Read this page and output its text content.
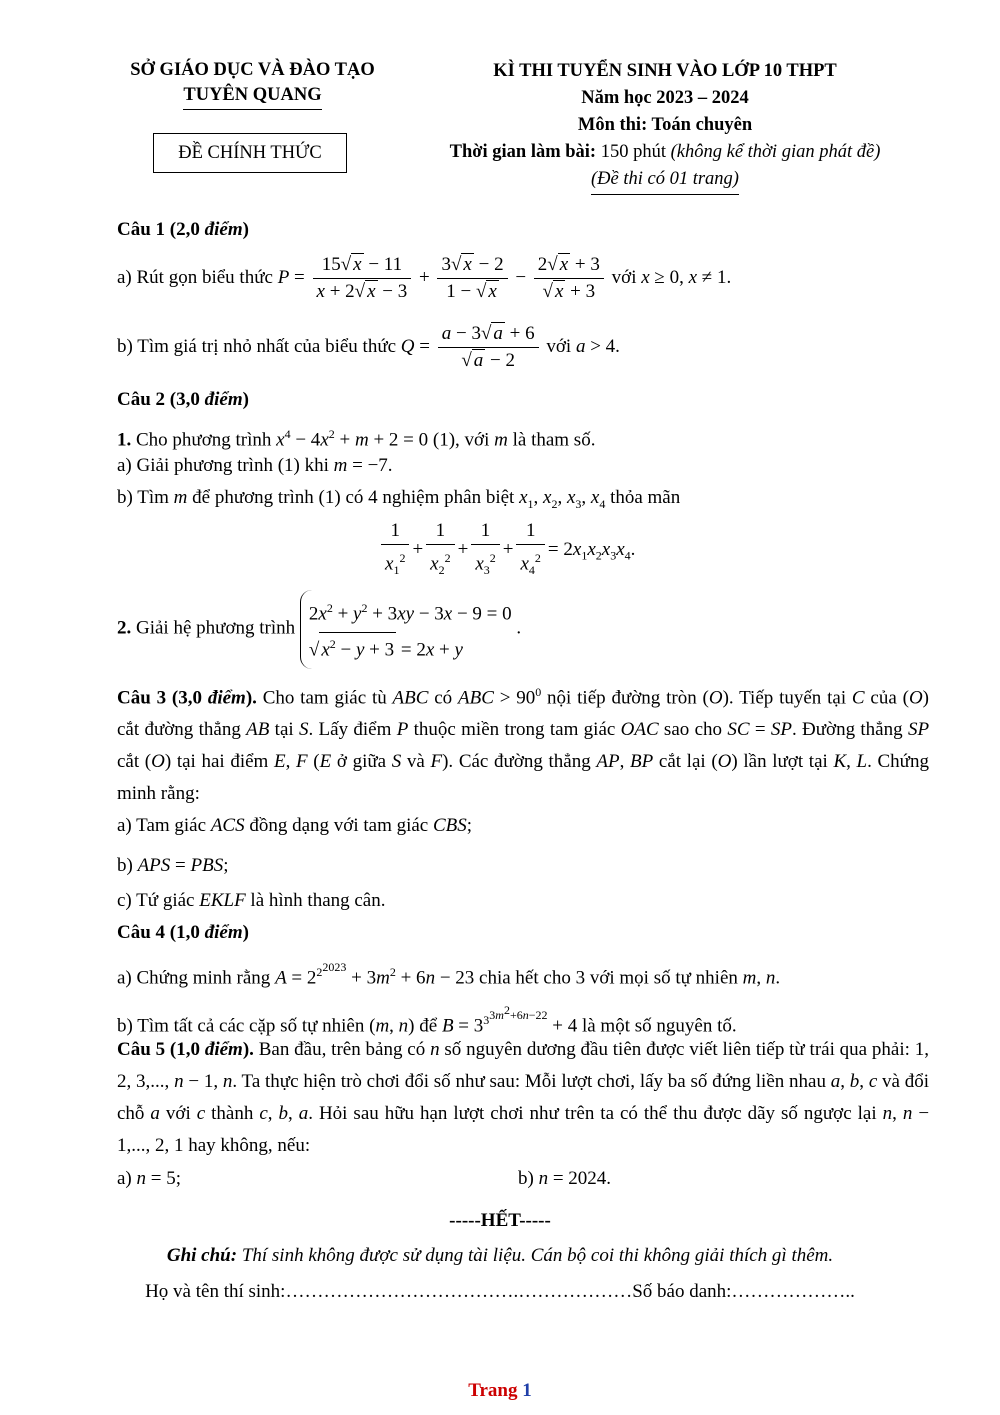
SỞ GIÁO DỤC VÀ ĐÀO TẠO
TUYÊN QUANG
ĐỀ CHÍNH THỨC
KÌ THI TUYỂN SINH VÀO LỚP 10 THPT
Năm học 2023 – 2024
Môn thi: Toán chuyên
Thời gian làm bài: 150 phút (không kể thời gian phát đề)
(Đề thi có 01 trang)
Câu 1 (2,0 điểm)
a) Rút gọn biểu thức $P = \frac{15√ x - 11}{x + 2√ x - 3} + \frac{3√ x - 2}{1 - √ x} - \frac{2√ x + 3}{√ x + 3}$ với x ≥ 0, x ≠ 1.
b) Tìm giá trị nhỏ nhất của biểu thức $Q = \frac{a - 3√ a + 6}{√ a - 2}$ với a > 4.
Câu 2 (3,0 điểm)
1. Cho phương trình $x^4 - 4x^2 + m + 2 = 0$ (1), với m là tham số.
a) Giải phương trình (1) khi m = −7.
b) Tìm m để phương trình (1) có 4 nghiệm phân biệt $x_1$, $x_2$, $x_3$, $x_4$ thỏa mãn
$\frac{1}{x_1^2} + \frac{1}{x_2^2} + \frac{1}{x_3^2} + \frac{1}{x_4^2} = 2x_1x_2x_3x_4$.
2. Giải hệ phương trình
$2x^2 + y^2 + 3xy - 3x - 9 = 0$
√ $x^2 - y + 3 = 2x + y$
.
Câu 3 (3,0 điểm). Cho tam giác tù ABC có ABC > $90^0$ nội tiếp đường tròn (O). Tiếp tuyến tại C của (O) cắt đường thẳng AB tại S. Lấy điểm P thuộc miền trong tam giác OAC sao cho SC = SP. Đường thẳng SP cắt (O) tại hai điểm E, F (E ở giữa S và F). Các đường thẳng AP, BP cắt lại (O) lần lượt tại K, L. Chứng minh rằng:
a) Tam giác ACS đồng dạng với tam giác CBS;
b) APS = PBS;
c) Tứ giác EKLF là hình thang cân.
Câu 4 (1,0 điểm)
a) Chứng minh rằng $A = 2^{2^{2023}} + 3m^2 + 6n - 23$ chia hết cho 3 với mọi số tự nhiên m, n.
b) Tìm tất cả các cặp số tự nhiên (m, n) để $B = 3^{3^{3m^2+6n-22}} + 4$ là một số nguyên tố.
Câu 5 (1,0 điểm). Ban đầu, trên bảng có n số nguyên dương đầu tiên được viết liên tiếp từ trái qua phải: 1, 2, 3,..., n − 1, n. Ta thực hiện trò chơi đổi số như sau: Mỗi lượt chơi, lấy ba số đứng liền nhau a, b, c và đổi chỗ a với c thành c, b, a. Hỏi sau hữu hạn lượt chơi như trên ta có thể thu được dãy số ngược lại n, n − 1,..., 2, 1 hay không, nếu:
a) n = 5;	b) n = 2024.
-----HẾT-----
Ghi chú: Thí sinh không được sử dụng tài liệu. Cán bộ coi thi không giải thích gì thêm.
Họ và tên thí sinh:……………………………….………………Số báo danh:………………..
Trang 1
